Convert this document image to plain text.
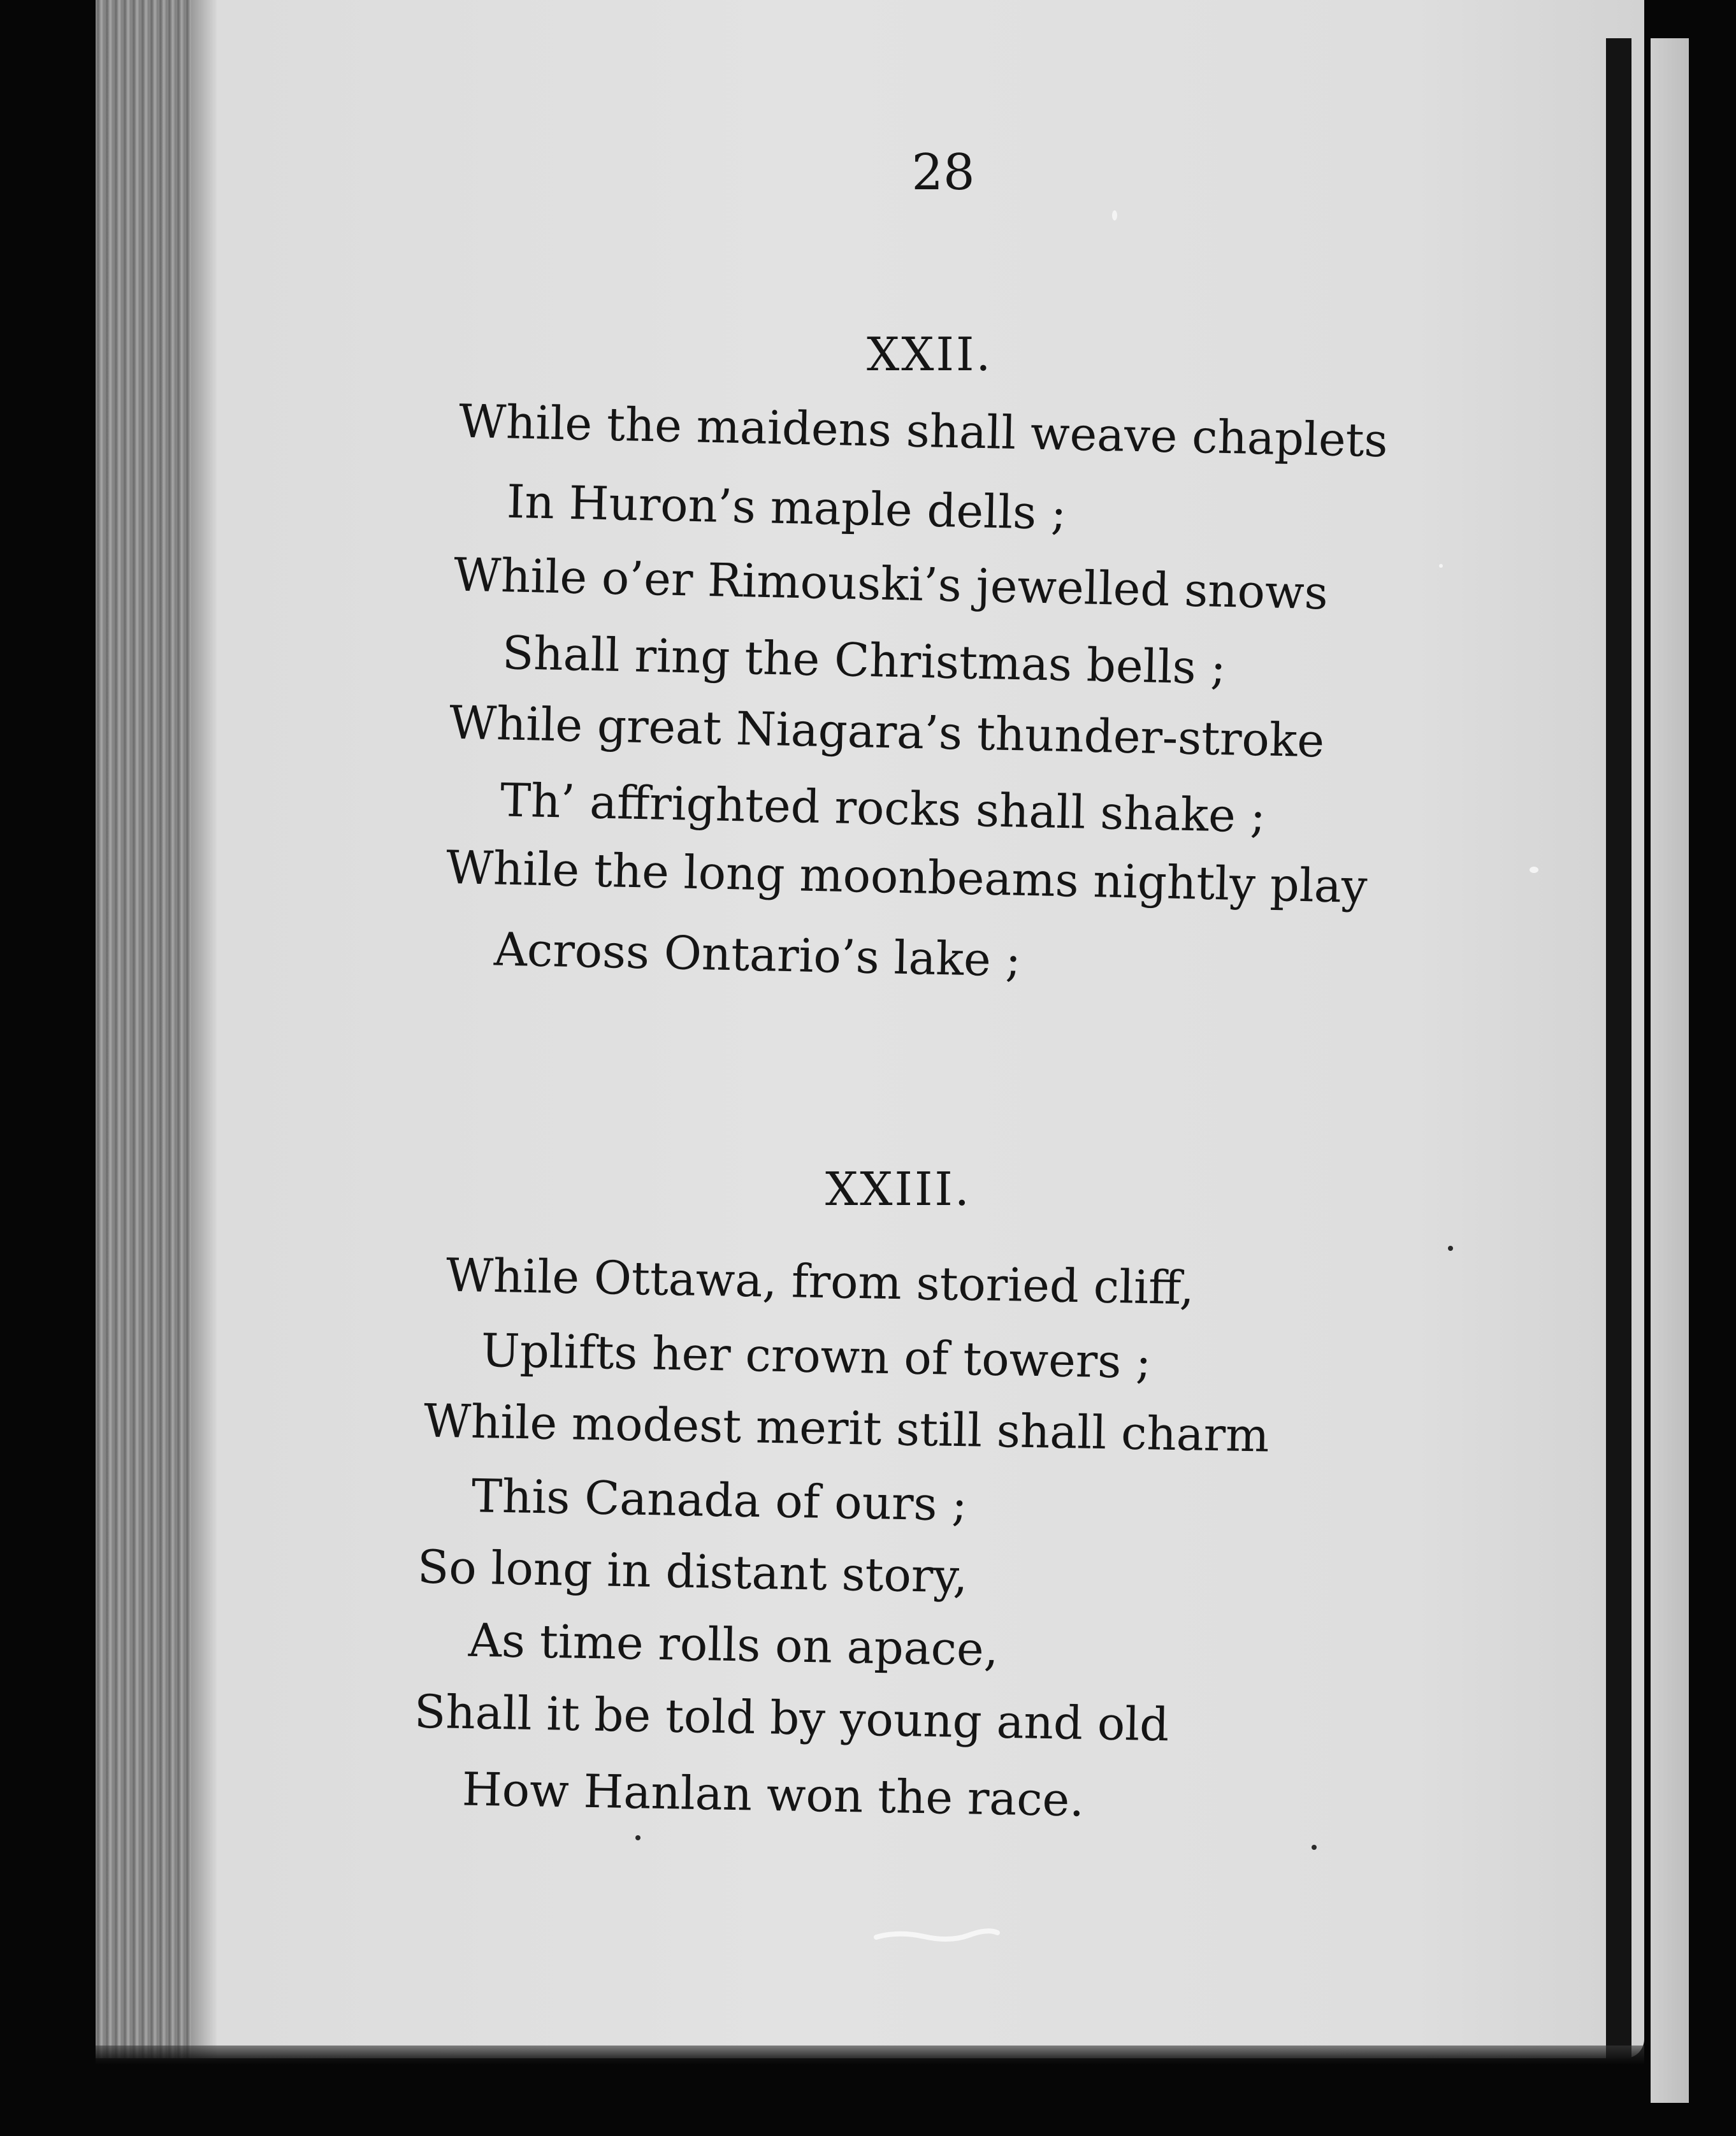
28
XXII.
While the maidens shall weave chaplets
In Huron’s maple dells ;
While o’er Rimouski’s jewelled snows
Shall ring the Christmas bells ;
While great Niagara’s thunder-stroke
Th’ affrighted rocks shall shake ;
While the long moonbeams nightly play
Across Ontario’s lake ;
XXIII.
While Ottawa, from storied cliff,
Uplifts her crown of towers ;
While modest merit still shall charm
This Canada of ours ;
So long in distant story,
As time rolls on apace,
Shall it be told by young and old
How Hanlan won the race.
